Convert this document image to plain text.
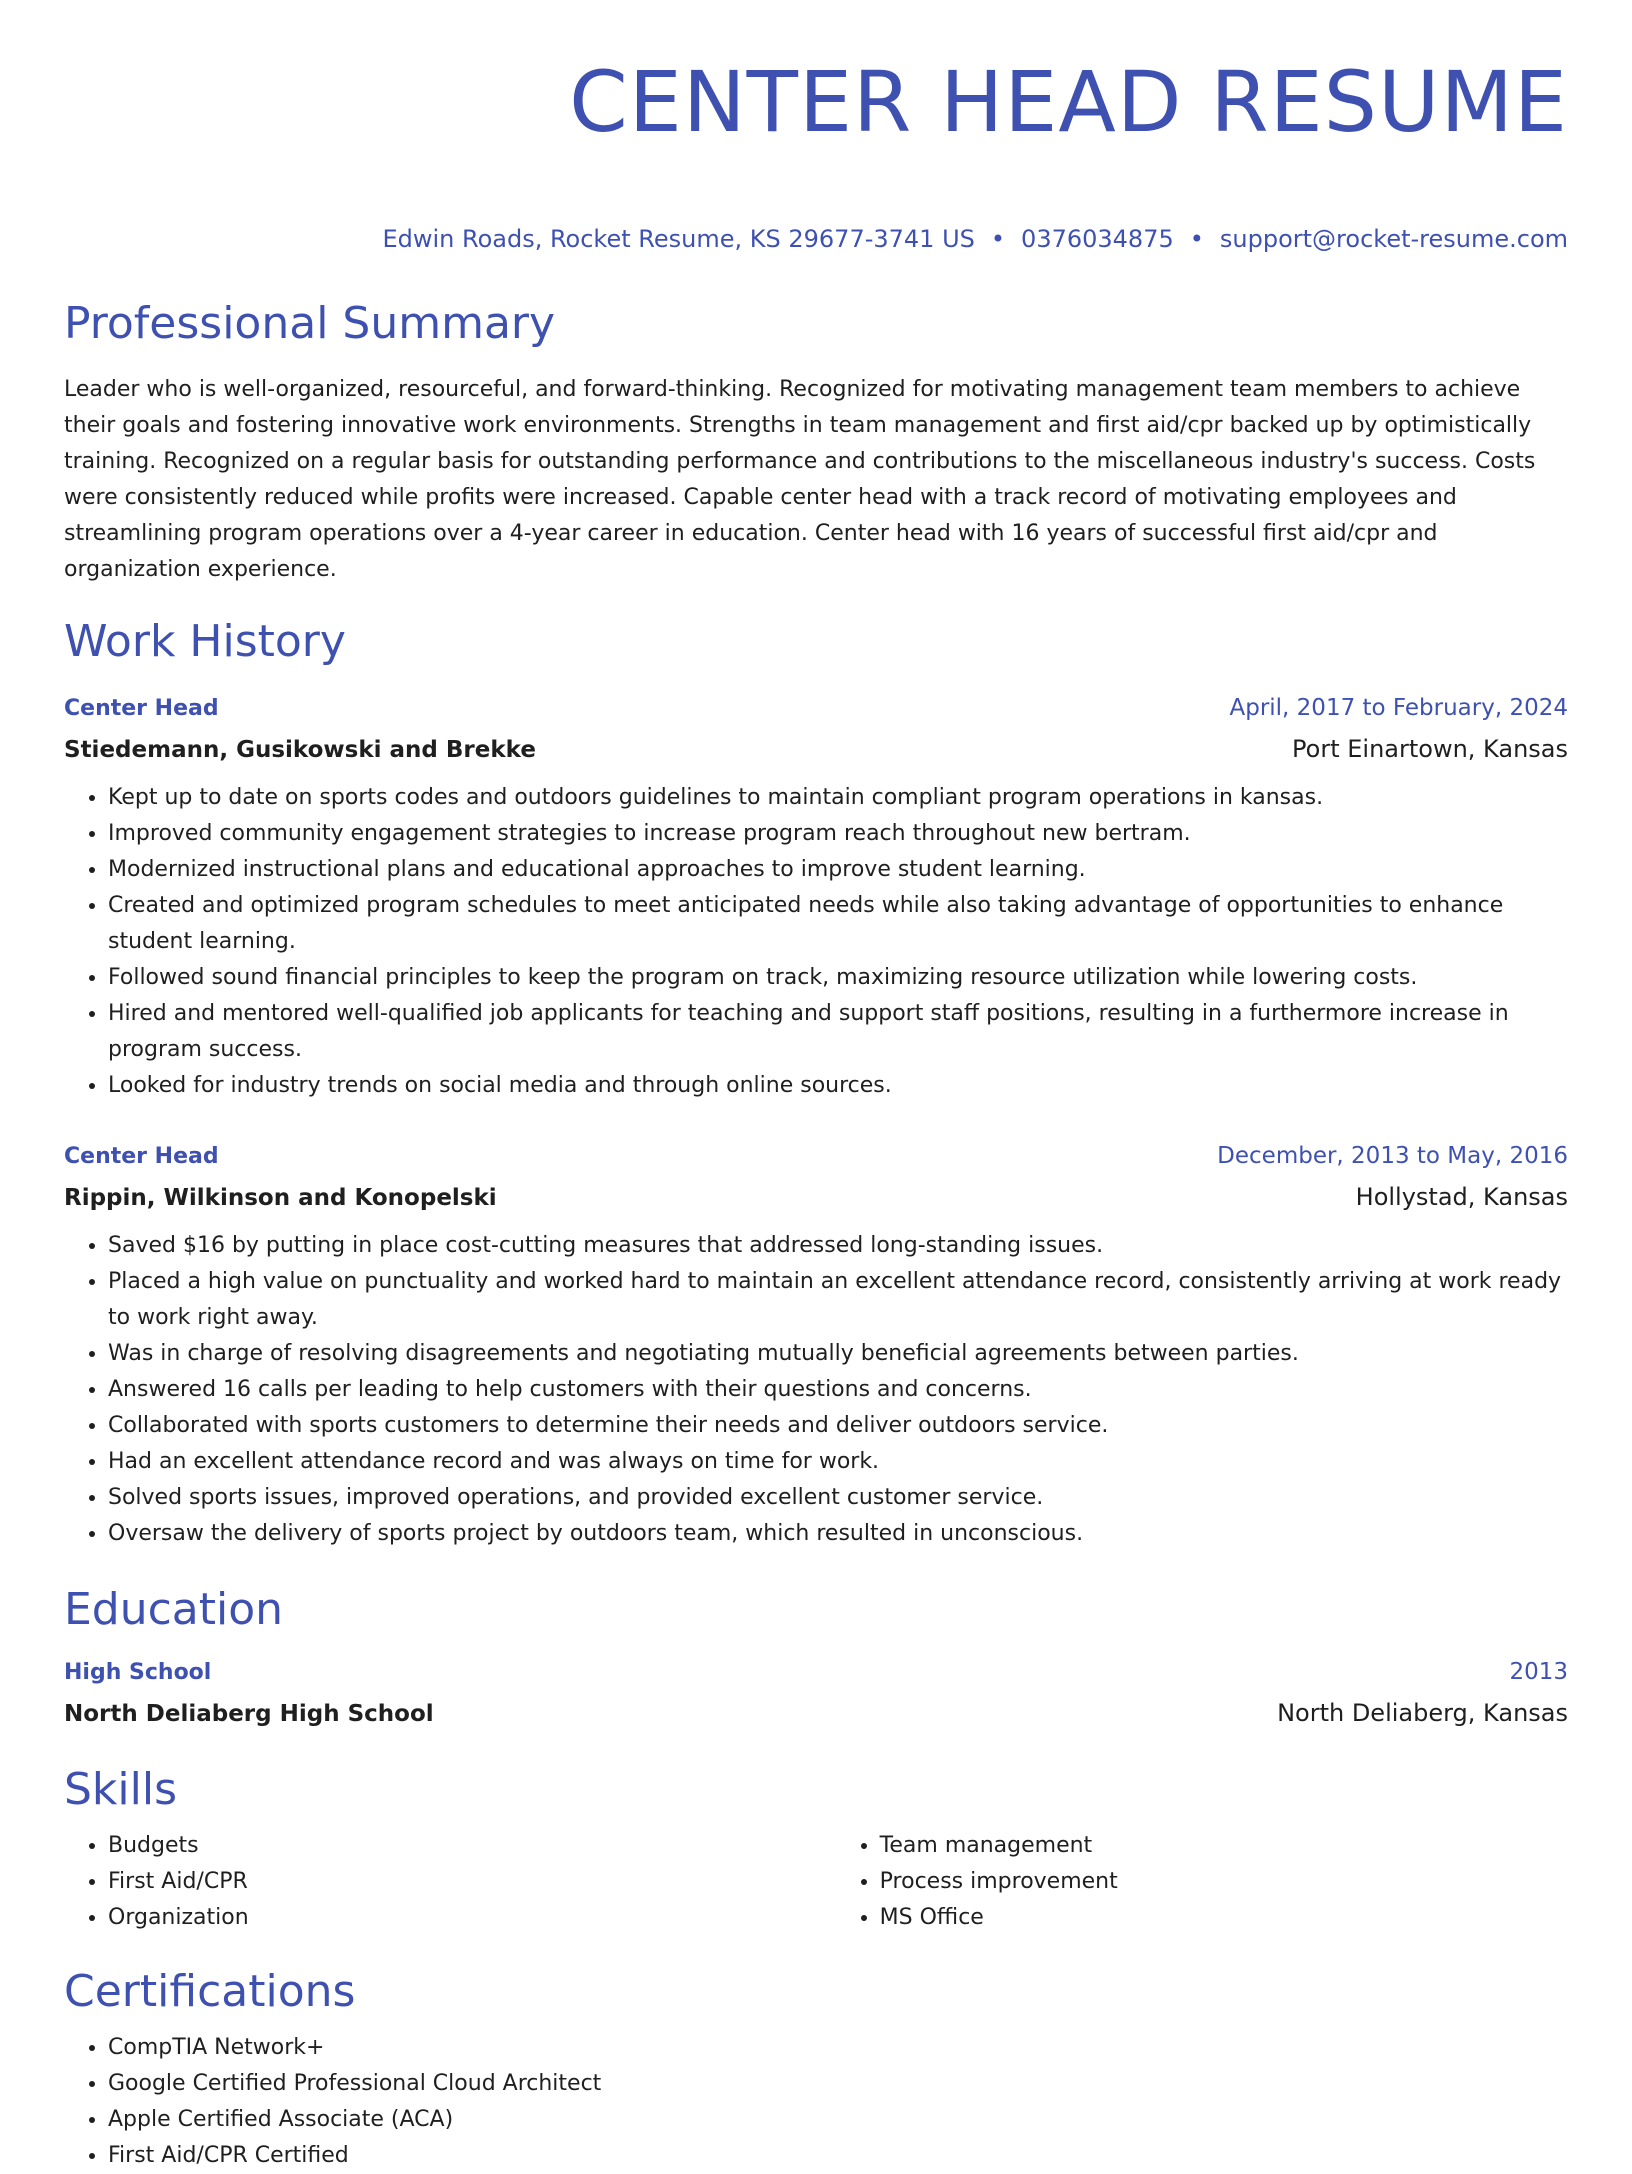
CENTER HEAD RESUME
Edwin Roads, Rocket Resume, KS 29677-3741 US • 0376034875 • support@rocket-resume.com
Professional Summary

Leader who is well-organized, resourceful, and forward-thinking. Recognized for motivating management team members to achieve their goals and fostering innovative work environments. Strengths in team management and first aid/cpr backed up by optimistically training. Recognized on a regular basis for outstanding performance and contributions to the miscellaneous industry's success. Costs were consistently reduced while profits were increased. Capable center head with a track record of motivating employees and streamlining program operations over a 4-year career in education. Center head with 16 years of successful first aid/cpr and organization experience.

Work History
Center Head	April, 2017 to February, 2024
Stiedemann, Gusikowski and Brekke	Port Einartown, Kansas
• Kept up to date on sports codes and outdoors guidelines to maintain compliant program operations in kansas.
• Improved community engagement strategies to increase program reach throughout new bertram.
• Modernized instructional plans and educational approaches to improve student learning.
• Created and optimized program schedules to meet anticipated needs while also taking advantage of opportunities to enhance student learning.
• Followed sound financial principles to keep the program on track, maximizing resource utilization while lowering costs.
• Hired and mentored well-qualified job applicants for teaching and support staff positions, resulting in a furthermore increase in program success.
• Looked for industry trends on social media and through online sources.
Center Head	December, 2013 to May, 2016
Rippin, Wilkinson and Konopelski	Hollystad, Kansas
• Saved $16 by putting in place cost-cutting measures that addressed long-standing issues.
• Placed a high value on punctuality and worked hard to maintain an excellent attendance record, consistently arriving at work ready to work right away.
• Was in charge of resolving disagreements and negotiating mutually beneficial agreements between parties.
• Answered 16 calls per leading to help customers with their questions and concerns.
• Collaborated with sports customers to determine their needs and deliver outdoors service.
• Had an excellent attendance record and was always on time for work.
• Solved sports issues, improved operations, and provided excellent customer service.
• Oversaw the delivery of sports project by outdoors team, which resulted in unconscious.
Education
High School	2013
North Deliaberg High School	North Deliaberg, Kansas
Skills
• Budgets
• First Aid/CPR
• Organization
• Team management
• Process improvement
• MS Office
Certifications
• CompTIA Network+
• Google Certified Professional Cloud Architect
• Apple Certified Associate (ACA)
• First Aid/CPR Certified
